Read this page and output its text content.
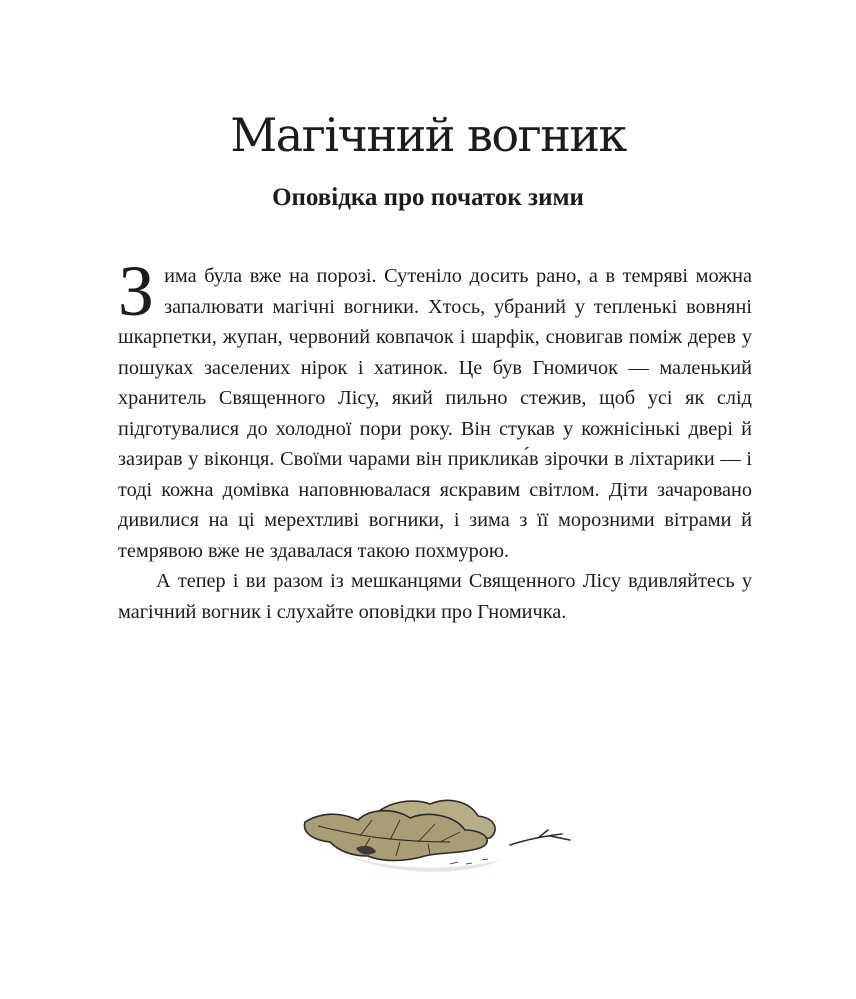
Магічний вогник
Оповідка про початок зими

Зима була вже на порозі. Сутеніло досить рано, а в темряві можна запалювати магічні вогники. Хтось, убраний у тепленькі вовняні шкарпетки, жупан, червоний ковпачок і шарфік, сновигав поміж дерев у пошуках заселених нірок і хатинок. Це був Гномичок — маленький хранитель Священного Лісу, який пильно стежив, щоб усі як слід підготувалися до холодної пори року. Він стукав у кожнісінькі двері й зазирав у віконця. Своїми чарами він приклика́в зірочки в ліхтарики — і тоді кожна домівка наповнювалася яскравим світлом. Діти зачаровано дивилися на ці мерехтливі вогники, і зима з її морозними вітрами й темрявою вже не здавалася такою похмурою.

А тепер і ви разом із мешканцями Священного Лісу вдивляйтесь у магічний вогник і слухайте оповідки про Гномичка.
